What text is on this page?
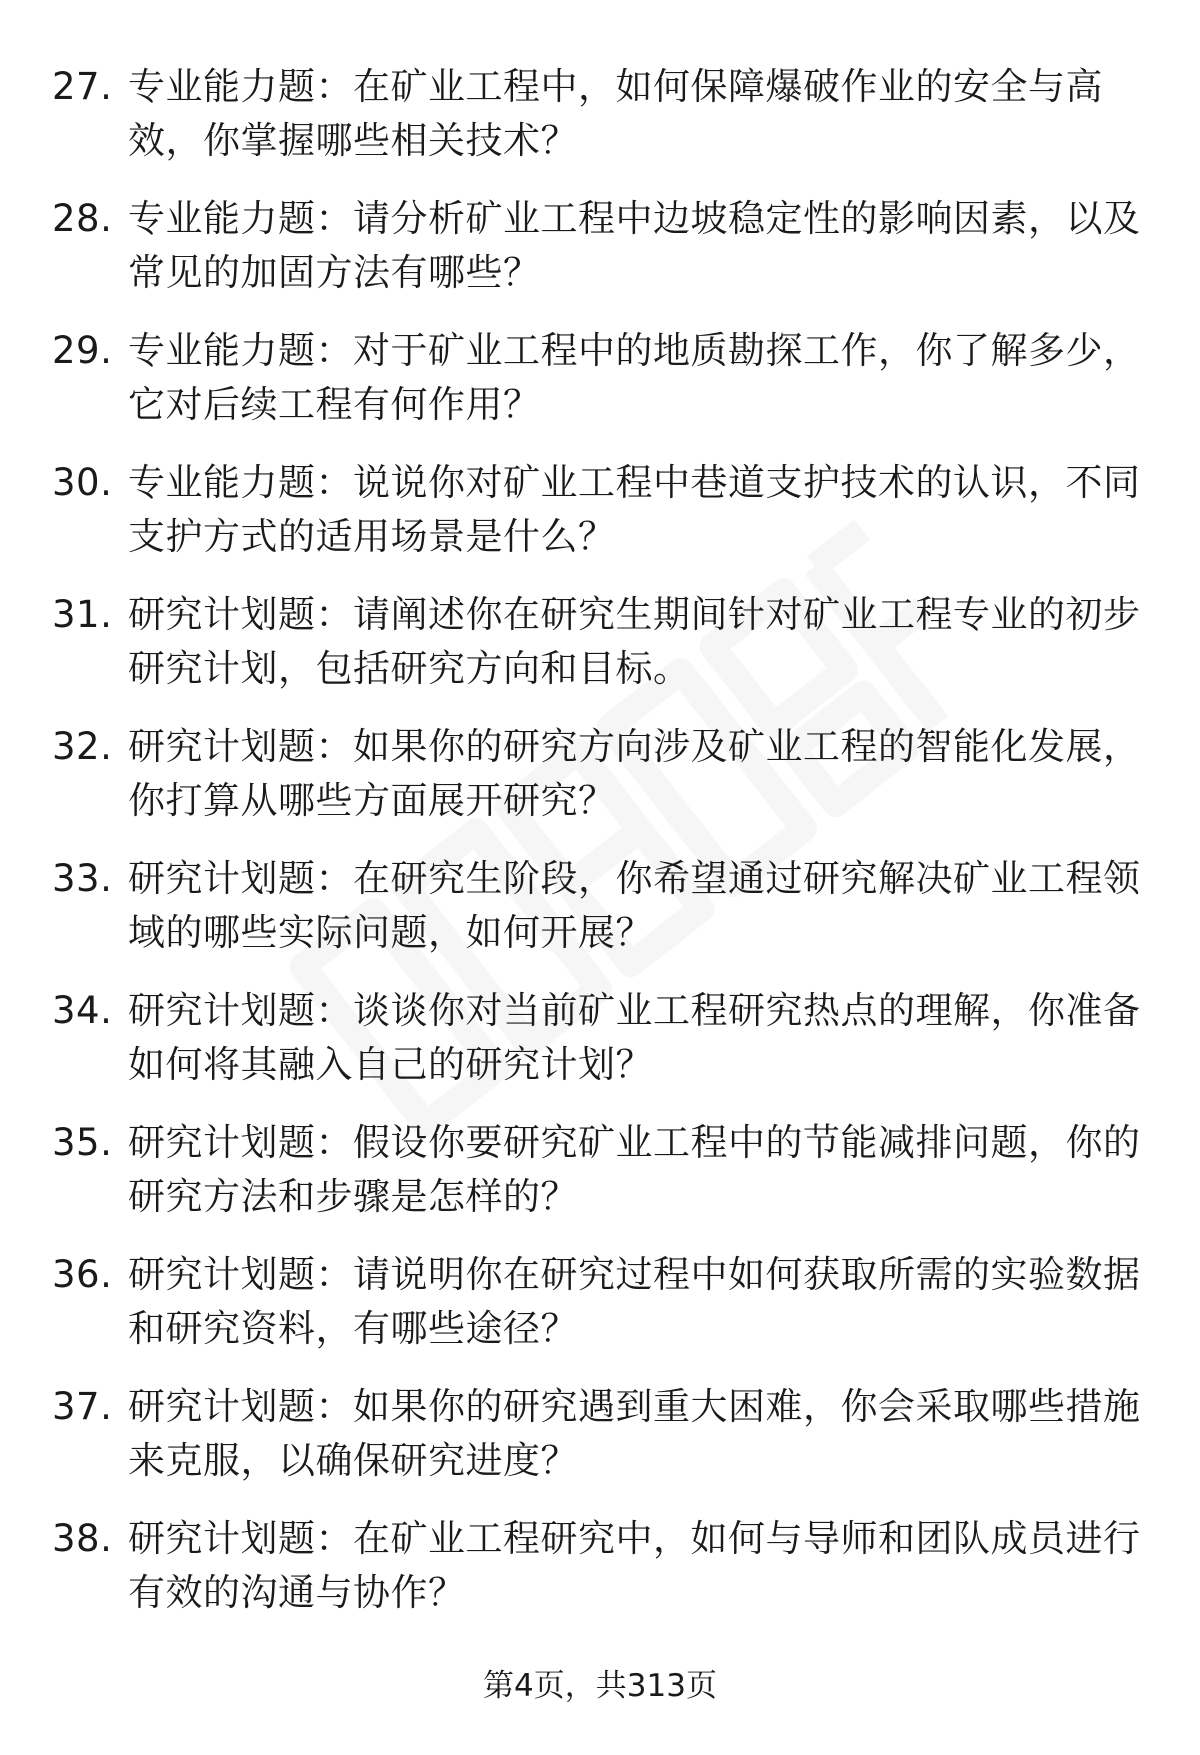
27. 专业能力题：在矿业工程中，如何保障爆破作业的安全与高效，你掌握哪些相关技术？
28. 专业能力题：请分析矿业工程中边坡稳定性的影响因素，以及常见的加固方法有哪些？
29. 专业能力题：对于矿业工程中的地质勘探工作，你了解多少，它对后续工程有何作用？
30. 专业能力题：说说你对矿业工程中巷道支护技术的认识，不同支护方式的适用场景是什么？
31. 研究计划题：请阐述你在研究生期间针对矿业工程专业的初步研究计划，包括研究方向和目标。
32. 研究计划题：如果你的研究方向涉及矿业工程的智能化发展，你打算从哪些方面展开研究？
33. 研究计划题：在研究生阶段，你希望通过研究解决矿业工程领域的哪些实际问题，如何开展？
34. 研究计划题：谈谈你对当前矿业工程研究热点的理解，你准备如何将其融入自己的研究计划？
35. 研究计划题：假设你要研究矿业工程中的节能减排问题，你的研究方法和步骤是怎样的？
36. 研究计划题：请说明你在研究过程中如何获取所需的实验数据和研究资料，有哪些途径？
37. 研究计划题：如果你的研究遇到重大困难，你会采取哪些措施来克服，以确保研究进度？
38. 研究计划题：在矿业工程研究中，如何与导师和团队成员进行有效的沟通与协作？
第4页，共313页
